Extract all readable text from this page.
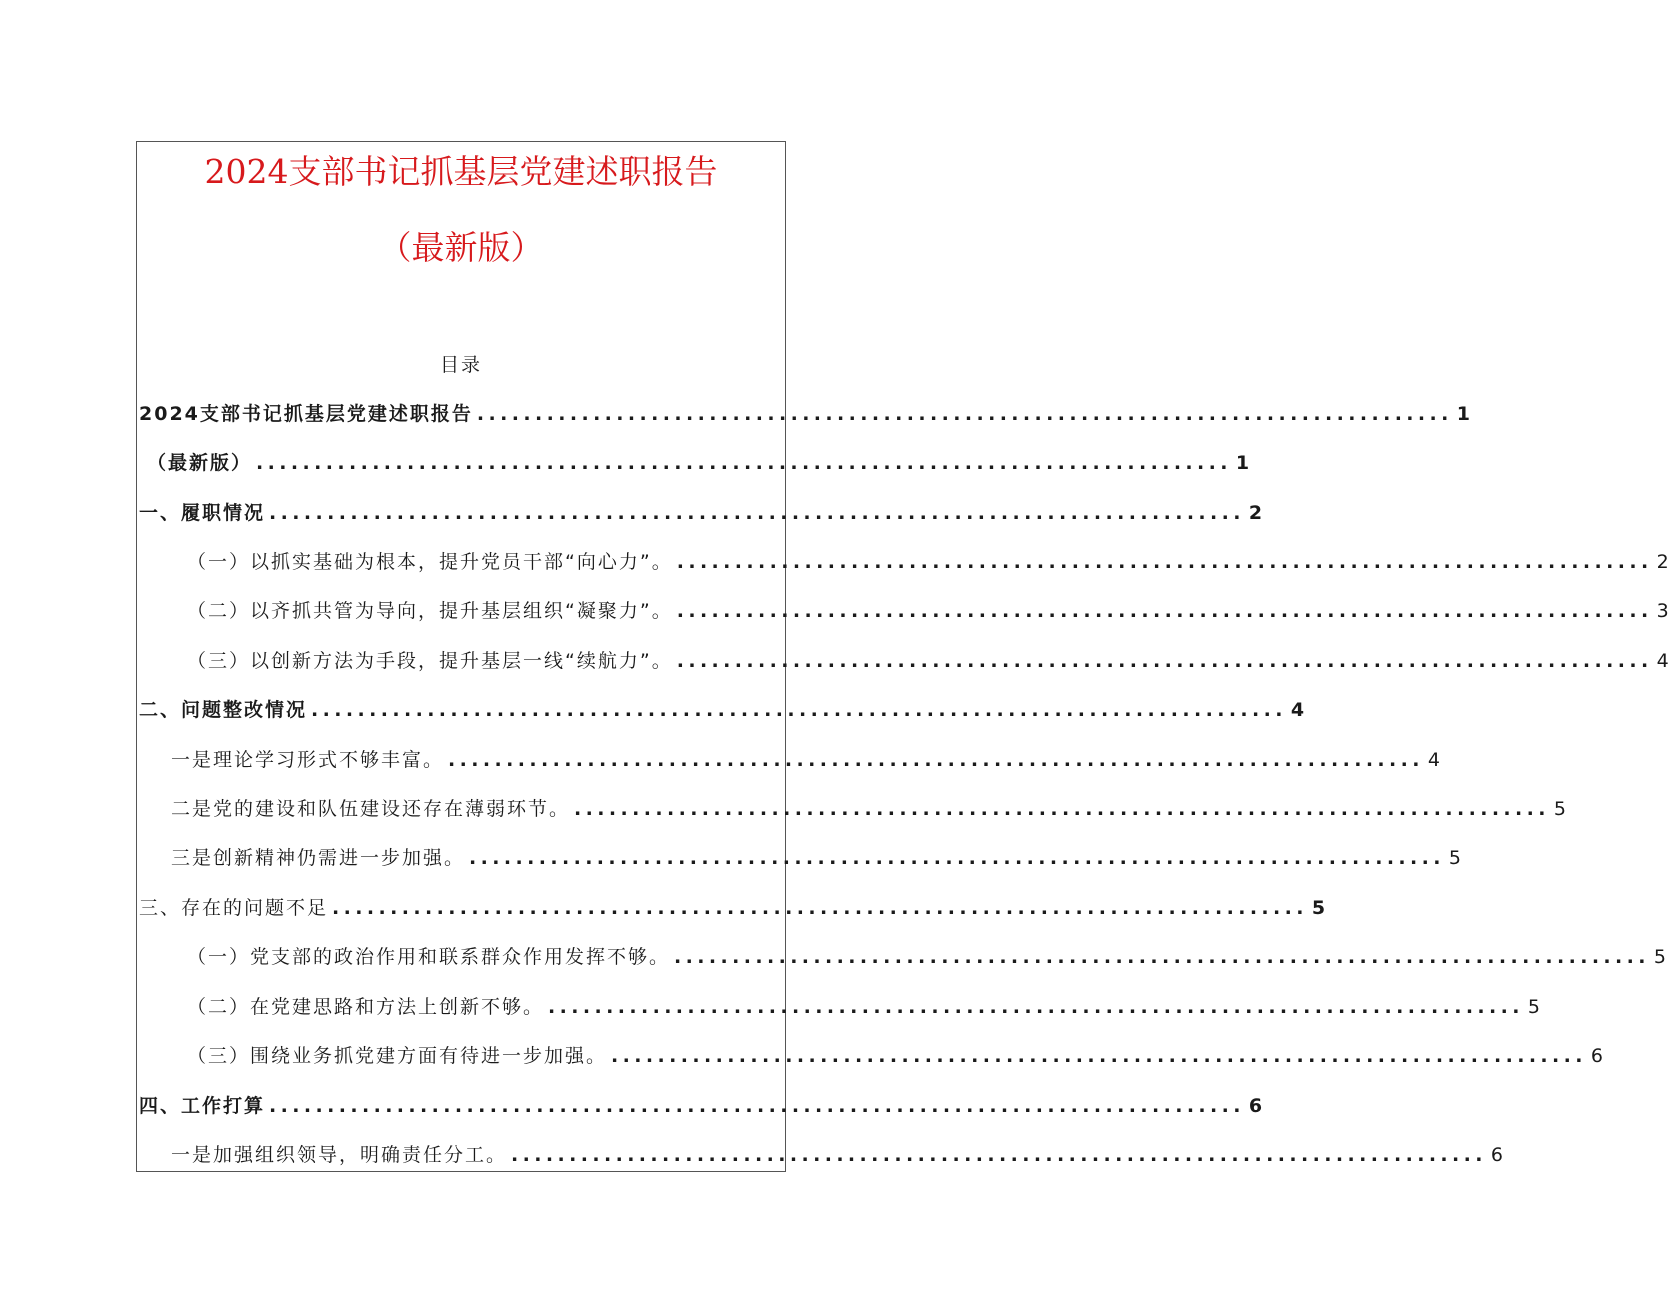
2024支部书记抓基层党建述职报告
（最新版）
目录
2024支部书记抓基层党建述职报告 .................................................................................... 1
（最新版） .................................................................................... 1
一、履职情况 .................................................................................... 2
（一）以抓实基础为根本，提升党员干部“向心力”。 .................................................................................... 2
（二）以齐抓共管为导向，提升基层组织“凝聚力”。 .................................................................................... 3
（三）以创新方法为手段，提升基层一线“续航力”。 .................................................................................... 4
二、问题整改情况 .................................................................................... 4
一是理论学习形式不够丰富。 .................................................................................... 4
二是党的建设和队伍建设还存在薄弱环节。 .................................................................................... 5
三是创新精神仍需进一步加强。 .................................................................................... 5
三、存在的问题不足 .................................................................................... 5
（一）党支部的政治作用和联系群众作用发挥不够。 .................................................................................... 5
（二）在党建思路和方法上创新不够。 .................................................................................... 5
（三）围绕业务抓党建方面有待进一步加强。 .................................................................................... 6
四、工作打算 .................................................................................... 6
一是加强组织领导，明确责任分工。 .................................................................................... 6
